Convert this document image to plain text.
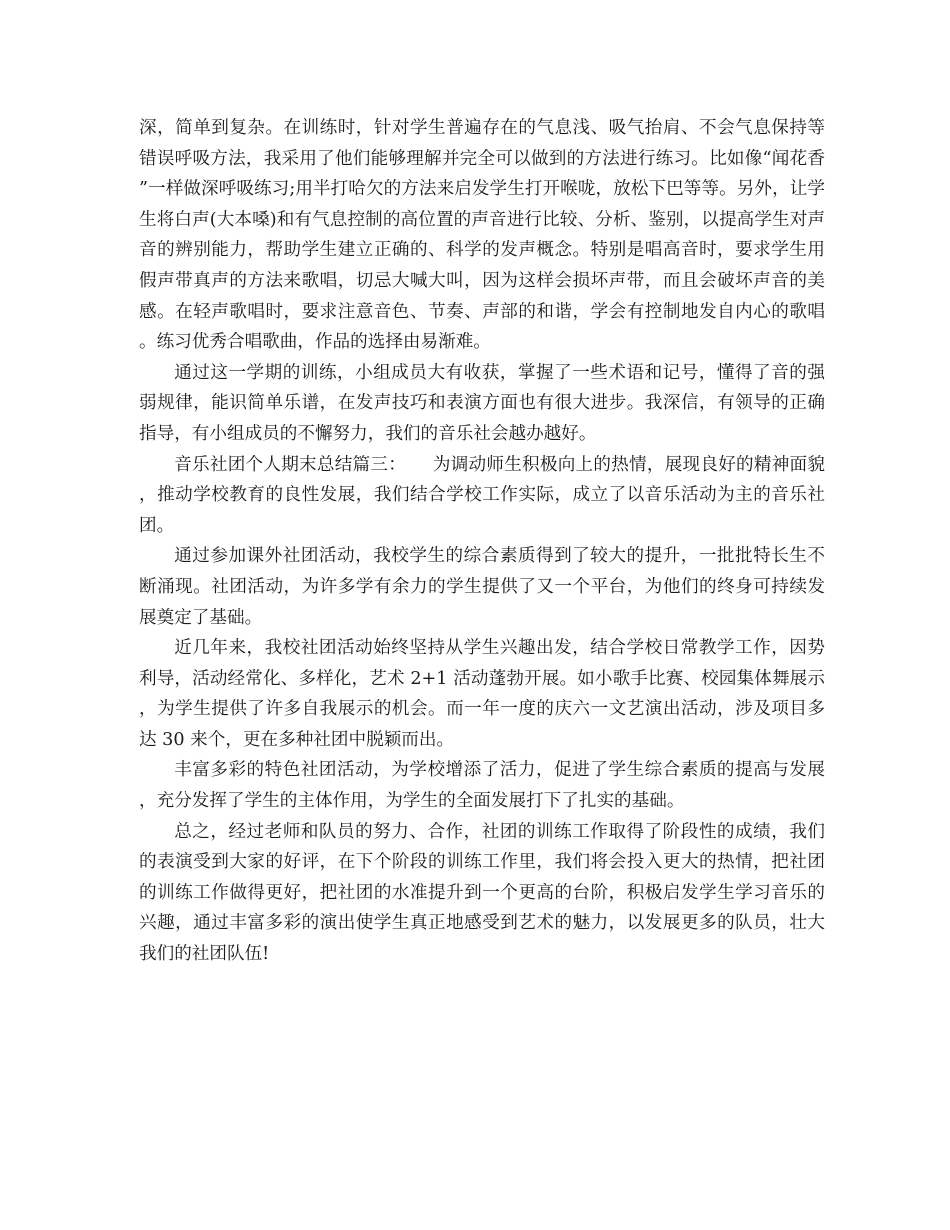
深，简单到复杂。在训练时，针对学生普遍存在的气息浅、吸气抬肩、不会气息保持等错误呼吸方法，我采用了他们能够理解并完全可以做到的方法进行练习。比如像“闻花香”一样做深呼吸练习;用半打哈欠的方法来启发学生打开喉咙，放松下巴等等。另外，让学生将白声(大本嗓)和有气息控制的高位置的声音进行比较、分析、鉴别，以提高学生对声音的辨别能力，帮助学生建立正确的、科学的发声概念。特别是唱高音时，要求学生用假声带真声的方法来歌唱，切忌大喊大叫，因为这样会损坏声带，而且会破坏声音的美感。在轻声歌唱时，要求注意音色、节奏、声部的和谐，学会有控制地发自内心的歌唱。练习优秀合唱歌曲，作品的选择由易渐难。

通过这一学期的训练，小组成员大有收获，掌握了一些术语和记号，懂得了音的强弱规律，能识简单乐谱，在发声技巧和表演方面也有很大进步。我深信，有领导的正确指导，有小组成员的不懈努力，我们的音乐社会越办越好。

音乐社团个人期末总结篇三：　　为调动师生积极向上的热情，展现良好的精神面貌，推动学校教育的良性发展，我们结合学校工作实际，成立了以音乐活动为主的音乐社团。

通过参加课外社团活动，我校学生的综合素质得到了较大的提升，一批批特长生不断涌现。社团活动，为许多学有余力的学生提供了又一个平台，为他们的终身可持续发展奠定了基础。

近几年来，我校社团活动始终坚持从学生兴趣出发，结合学校日常教学工作，因势利导，活动经常化、多样化，艺术 2+1 活动蓬勃开展。如小歌手比赛、校园集体舞展示，为学生提供了许多自我展示的机会。而一年一度的庆六一文艺演出活动，涉及项目多达 30 来个，更在多种社团中脱颖而出。

丰富多彩的特色社团活动，为学校增添了活力，促进了学生综合素质的提高与发展，充分发挥了学生的主体作用，为学生的全面发展打下了扎实的基础。

总之，经过老师和队员的努力、合作，社团的训练工作取得了阶段性的成绩，我们的表演受到大家的好评，在下个阶段的训练工作里，我们将会投入更大的热情，把社团的训练工作做得更好，把社团的水准提升到一个更高的台阶，积极启发学生学习音乐的兴趣，通过丰富多彩的演出使学生真正地感受到艺术的魅力，以发展更多的队员，壮大我们的社团队伍!
